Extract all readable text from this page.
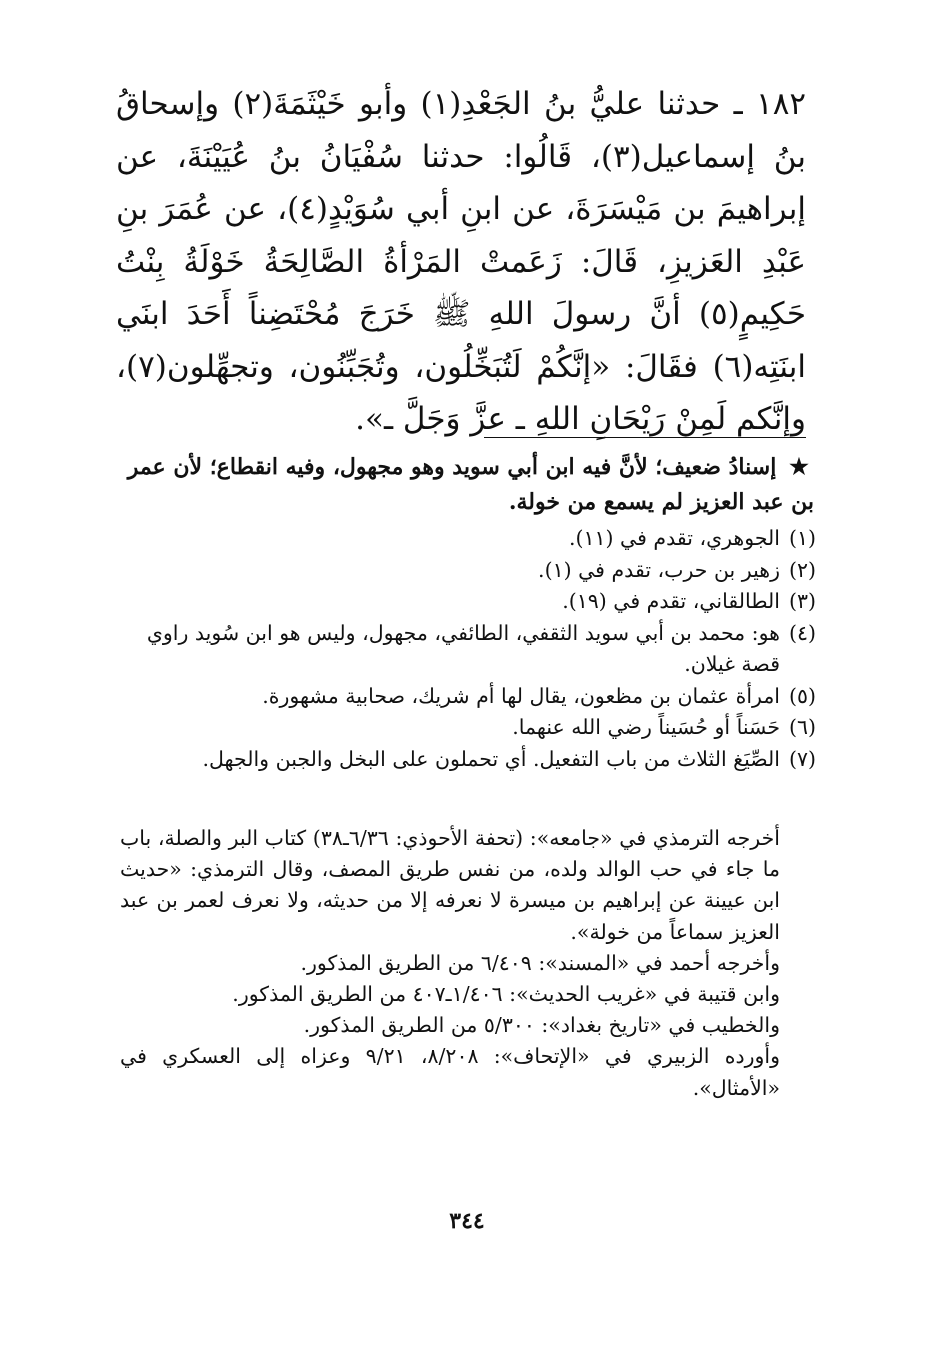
١٨٢ ـ حدثنا عليُّ بنُ الجَعْدِ(١) وأبو خَيْثَمَةَ(٢) وإسحاقُ بنُ إسماعيل(٣)، قَالُوا: حدثنا سُفْيَانُ بنُ عُيَيْنَةَ، عن إبراهيمَ بن مَيْسَرَةَ، عن ابنِ أبي سُوَيْدٍ(٤)، عن عُمَرَ بنِ عَبْدِ العَزيزِ، قَالَ: زَعَمتْ المَرْأةُ الصَّالِحَةُ خَوْلَةُ بِنْتُ حَكِيمٍ(٥) أنَّ رسولَ اللهِ ﷺ خَرَجَ مُحْتَضِناً أَحَدَ ابنَي ابنَتِه(٦) فقَالَ: «إنَّكُمْ لَتُبَخِّلُون، وتُجَبِّنُون، وتجهِّلون(٧)، وإنَّكم لَمِنْ رَيْحَانِ اللهِ ـ عزَّ وَجَلَّ ـ».

★ إسنادُ ضعيف؛ لأنَّ فيه ابن أبي سويد وهو مجهول، وفيه انقطاع؛ لأن عمر بن عبد العزيز لم يسمع من خولة.
(١)
الجوهري، تقدم في (١١).
(٢)
زهير بن حرب، تقدم في (١).
(٣)
الطالقاني، تقدم في (١٩).
(٤)
هو: محمد بن أبي سويد الثقفي، الطائفي، مجهول، وليس هو ابن سُويد راوي قصة غيلان.
(٥)
امرأة عثمان بن مظعون، يقال لها أم شريك، صحابية مشهورة.
(٦)
حَسَناً أو حُسَيناً رضي الله عنهما.
(٧)
الصِّيَغ الثلاث من باب التفعيل. أي تحملون على البخل والجبن والجهل.

أخرجه الترمذي في «جامعه»: (تحفة الأحوذي: ٦/٣٦ـ٣٨) كتاب البر والصلة، باب ما جاء في حب الوالد ولده، من نفس طريق المصف، وقال الترمذي: «حديث ابن عيينة عن إبراهيم بن ميسرة لا نعرفه إلا من حديثه، ولا نعرف لعمر بن عبد العزيز سماعاً من خولة».

وأخرجه أحمد في «المسند»: ٦/٤٠٩ من الطريق المذكور.

وابن قتيبة في «غريب الحديث»: ١/٤٠٦ـ٤٠٧ من الطريق المذكور.

والخطيب في «تاريخ بغداد»: ٥/٣٠٠ من الطريق المذكور.

وأورده الزبيري في «الإتحاف»: ٨/٢٠٨، ٩/٢١ وعزاه إلى العسكري في «الأمثال».

٣٤٤
